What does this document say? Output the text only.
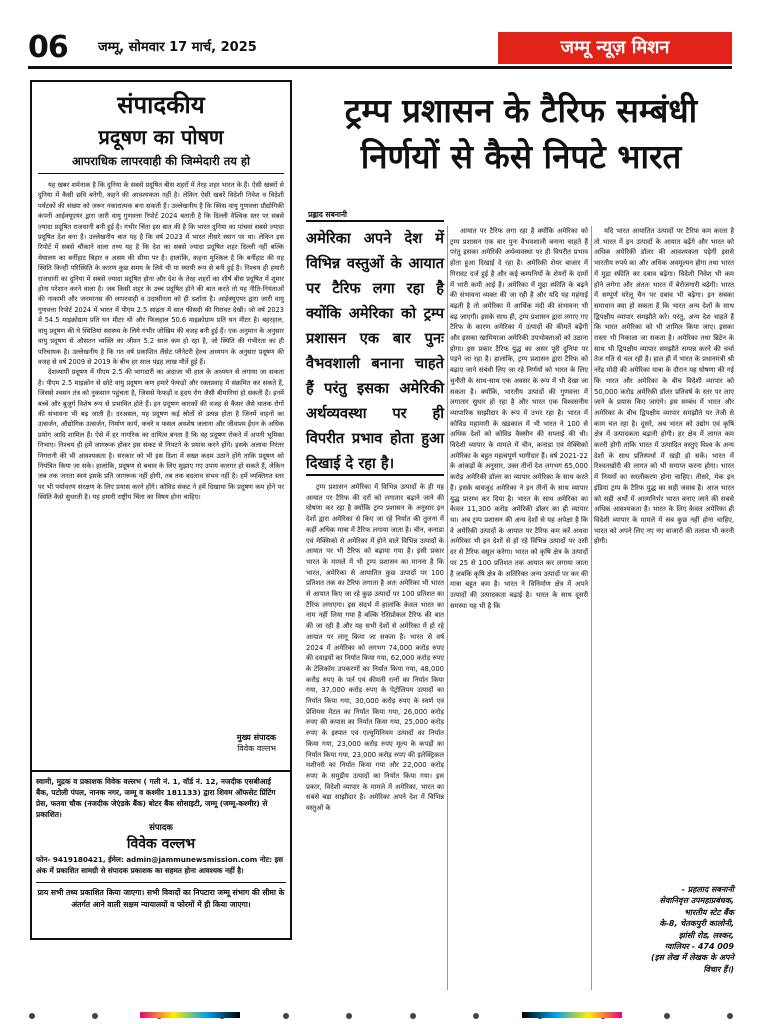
06 जम्मू, सोमवार 17 मार्च, 2025	जम्मू न्यूज़ मिशन
संपादकीय
प्रदूषण का पोषण
आपराधिक लापरवाही की जिम्मेदारी तय हो

यह खबर शर्मनाक है कि दुनिया के सबसे प्रदूषित बीस शहरों में तेरह शहर भारत के हैं। ऐसी खबरों से दुनिया में कैसी छवि बनेगी, कहने की आवश्यकता नहीं है। लेकिन ऐसी खबरें विदेशी निवेश व विदेशी पर्यटकों की संख्या को जरूर नकारात्मक बना सकती हैं। उल्लेखनीय है कि स्विस वायु गुणवत्ता प्रौद्योगिकी कंपनी आईक्यूएयर द्वारा जारी वायु गुणवत्ता रिपोर्ट 2024 बताती है कि दिल्ली वैश्विक स्तर पर सबसे ज्यादा प्रदूषित राजधानी बनी हुई है। गंभीर चिंता इस बात की है कि भारत दुनिया का पांचवां सबसे ज्यादा प्रदूषित देश बना है। उल्लेखनीय बात यह है कि वर्ष 2023 में भारत तीसरे स्थान पर था। लेकिन इस रिपोर्ट में सबसे चौंकाने वाला तथ्य यह है कि देश का सबसे ज्यादा प्रदूषित शहर दिल्ली नहीं बल्कि मेघालय का बर्नीहाट बिहार व असम की सीमा पर है। हालांकि, कहना मुश्किल है कि बर्नीहाट की यह स्थिति किन्हीं परिस्थिति के कारण कुछ समय के लिये थी या स्थायी रूप से बनी हुई है। निश्चय ही हमारी राजधानी का दुनिया में सबसे ज्यादा प्रदूषित होना और देश के तेरह शहरों का शीर्ष बीस प्रदूषित में शुमार होना परेशान करने वाला है। जब किसी शहर के उच्च प्रदूषित होने की बात करते तो यह नीति-नियंताओं की नाकामी और जनमानस की लापरवाही व उदासीनता को ही दर्शाता है। आईक्यूएयर द्वारा जारी वायु गुणवत्ता रिपोर्ट 2024 में भारत में पीएम 2.5 सांद्रता में सात फीसदी की गिरावट देखी। जो वर्ष 2023 में 54.5 माइक्रोग्राम प्रति घन मीटर थी और फिलहाल 50.6 माइक्रोग्राम प्रति घन मीटर है। बहरहाल, वायु प्रदूषण की ये स्थितियां स्वास्थ्य के लिये गंभीर जोखिम की वजह बनी हुई हैं। एक अनुमान के अनुसार वायु प्रदूषण से औसतन व्यक्ति का जीवन 5.2 साल कम हो रहा है, जो स्थिति की गंभीरता का ही परिचायक है। उल्लेखनीय है कि गत वर्ष प्रकाशित लैंसेट प्लैनेटरी हेल्थ अध्ययन के अनुसार प्रदूषण की वजह से वर्ष 2009 से 2019 के बीच हर साल पंद्रह लाख मौतें हुई हैं।

देशव्यापी प्रदूषण में पीएम 2.5 की भागदारी का अंदाजा भी हाल के अध्ययन से लगाया जा सकता है। पीएम 2.5 माइक्रोन से छोटे वायु प्रदूषण कण हमारे फेफड़ों और रक्तप्रवाह में संक्रमित कर सकते हैं, जिससे श्वसन तंत्र को नुकसान पहुंचता है, जिससे फेफड़ों व हृदय रोग जैसी बीमारियां हो सकती हैं। इनमें बच्चे और बुजुर्ग विशेष रूप से प्रभावित होते हैं। इन प्रदूषण कारकों की वजह से कैंसर जैसे घातक रोगों की संभावना भी बढ़ जाती है। दरअसल, यह प्रदूषण कई स्रोतों से उत्पन्न होता है जिनमें वाहनों का उत्सर्जन, औद्योगिक उत्सर्जन, निर्माण कार्य, कचरे व फसल अवशेष जलाना और जीवाश्म ईंधन के अधिक प्रयोग आदि शामिल हैं। ऐसे में हर नागरिक का दायित्व बनता है कि वह प्रदूषण रोकने में अपनी भूमिका निभाए। निश्चय ही हमें जागरूक होकर इस संकट से निपटने के प्रयास करने होंगे। इसके अलावा निरंतर निगरानी की भी आवश्यकता है। सरकार को भी इस दिशा में सख्त कदम उठाने होंगे ताकि प्रदूषण को नियंत्रित किया जा सके। हालांकि, प्रदूषण से बचाव के लिए सुझाए गए उपाय कारगर हो सकते हैं, लेकिन जब तक जनता स्वयं इसके प्रति जागरूक नहीं होगी, तब तक बदलाव संभव नहीं है। हमें व्यक्तिगत स्तर पर भी पर्यावरण संरक्षण के लिए प्रयास करने होंगे। कोविड संकट ने हमें दिखाया कि प्रदूषण कम होने पर स्थिति कैसे सुधरती है। यह हमारी राष्ट्रीय चिंता का विषय होना चाहिए।

मुख्य संपादक
विवेक वल्लभ
स्वामी, मुद्रक व प्रकाशक विवेक वल्लभ ( गली नं. 1, वॉर्ड नं. 12, नजदीक एसबीआई बैंक, पटोली पंपल, नानक नगर, जम्मू व कश्मीर 181133) द्वारा शिवम ऑफसेट प्रिंटिंग प्रेस, फतवा चौक (नजदीक जेएंडके बैंक) बोटर बैंक सोसाइटी, जम्मू (जम्मू-कश्मीर) से प्रकाशित।
संपादक
विवेक वल्लभ
फोन- 9419180421, ईमेल: admin@jammunewsmission.com नोट: इस अंक में प्रकाशित सामग्री से संपादक प्रकाशक का सहमत होना आवश्यक नहीं है।
प्राय सभी तथ्य प्रकाशित किया जाएगा। सभी विवादों का निपटारा जम्मू संभाग की सीमा के अंतर्गत आने वाली सक्षम न्यायालयों व फोरमों में ही किया जाएगा।
ट्रम्प प्रशासन के टैरिफ सम्बंधी निर्णयों से कैसे निपटे भारत
प्रह्लाद सबनानी
अमेरिका अपने देश में विभिन्न वस्तुओं के आयात पर टैरिफ लगा रहा है क्योंकि अमेरिका को ट्रम्प प्रशासन एक बार पुनः वैभवशाली बनाना चाहते हैं परंतु इसका अमेरिकी अर्थव्यवस्था पर ही विपरीत प्रभाव होता हुआ दिखाई दे रहा है।

ट्रम्प प्रशासन अमेरिका में विभिन्न उत्पादों के ही यह आयात पर टैरिफ की दरों को लगातार बढ़ाने जाने की घोषणा कर रहा है क्योंकि ट्रम्प प्रशासन के अनुसार इन देशों द्वारा अमेरिका से किए जा रहे निर्यात की तुलना में कहीं अधिक मात्रा में टैरिफ लगाया जाता है। चीन, कनाडा एवं मेक्सिको से अमेरिका में होने वाले विभिन्न उत्पादों के आयात पर भी टैरिफ को बढ़ाया गया है। इसी प्रकार भारत के मामले में भी ट्रम्प प्रशासन का मानना है कि भारत, अमेरिका से आयातित कुछ उत्पादों पर 100 प्रतिशत तक का टैरिफ लगाता है अतः अमेरिका भी भारत से आयात किए जा रहे कुछ उत्पादों पर 100 प्रतिशत का टैरिफ लगाएगा। इस संदर्भ में हालांकि केवल भारत का नाम नहीं लिया गया है बल्कि रेसिप्रोकल टैरिफ की बात की जा रही है और यह सभी देशों से अमेरिका में हो रहे आयात पर लागू किया जा सकता है। भारत से वर्ष 2024 में अमेरिका को लगभग 74,000 करोड़ रुपए की दवाइयों का निर्यात किया गया, 62,000 करोड़ रुपए के टेलिकॉम उपकरणों का निर्यात किया गया, 48,000 करोड़ रुपए के पर्ल एवं कीमती रत्नों का निर्यात किया गया, 37,000 करोड़ रुपए के पेट्रोलियम उत्पादों का निर्यात किया गया, 30,000 करोड़ रुपए के स्वर्ण एवं प्रेशियस मेटल का निर्यात किया गया, 26,000 करोड़ रुपए की कपास का निर्यात किया गया, 25,000 करोड़ रुपए के इस्पात एवं एल्यूमिनियम उत्पादों का निर्यात किया गया, 23,000 करोड़ रुपए मूल्य के कपड़ों का निर्यात किया गया, 23,000 करोड़ रुपए की इलेक्ट्रिकल मशीनरी का निर्यात किया गया और 22,000 करोड़ रुपए के समुद्रीय उत्पादों का निर्यात किया गया। इस प्रकार, विदेशी व्यापार के मामले में अमेरिका, भारत का सबसे बड़ा साझीदार है। अमेरिका अपने देश में विभिन्न वस्तुओं के

आयात पर टैरिफ लगा रहा है क्योंकि अमेरिका को ट्रम्प प्रशासन एक बार पुनः वैभवशाली बनाना चाहते हैं परंतु इसका अमेरिकी अर्थव्यवस्था पर ही विपरीत प्रभाव होता हुआ दिखाई दे रहा है। अमेरिकी शेयर बाजार में गिरावट दर्ज हुई है और कई कम्पनियों के शेयरों के दामों में भारी कमी आई है। अमेरिका में मुद्रा स्फीति के बढ़ने की संभावना व्यक्त की जा रही है और यदि यह महंगाई बढ़ती है तो अमेरिका में आर्थिक मंदी की संभावना भी बढ़ जाएगी। इसके साथ ही, ट्रम्प प्रशासन द्वारा लगाए गए टैरिफ के कारण अमेरिका में उत्पादों की कीमतें बढ़ेंगी और इसका खामियाजा अमेरिकी उपभोक्ताओं को उठाना होगा। इस प्रकार टैरिफ युद्ध का असर पूरी दुनिया पर पड़ने जा रहा है। हालांकि, ट्रम्प प्रशासन द्वारा टैरिफ को बढ़ाए जाने संबंधी लिए जा रहे निर्णयों को भारत के लिए चुनौती के साथ-साथ एक अवसर के रूप में भी देखा जा सकता है। क्योंकि, भारतीय उत्पादों की गुणवत्ता में लगातार सुधार हो रहा है और भारत एक विश्वसनीय व्यापारिक साझीदार के रूप में उभर रहा है। भारत में कोविड महामारी के खंडकाल में भी भारत ने 100 से अधिक देशों को कोविड वैक्सीन की सप्लाई की थी। विदेशी व्यापार के मामले में चीन, कनाडा एवं मेक्सिको अमेरिका के बहुत महत्वपूर्ण भागीदार हैं। वर्ष 2021-22 के आंकड़ों के अनुसार, उक्त तीनों देश लगभग 65,000 करोड़ अमेरिकी डॉलर का व्यापार अमेरिका के साथ करते हैं। इसके बावजूद अमेरिका ने इन तीनों के साथ व्यापार युद्ध प्रारम्भ कर दिया है। भारत के साथ अमेरिका का केवल 11,300 करोड़ अमेरिकी डॉलर का ही व्यापार था। अब ट्रम्प प्रशासन की अन्य देशों से यह अपेक्षा है कि वे अमेरिकी उत्पादों के आयात पर टैरिफ कम करें अथवा अमेरिका भी इन देशों से हो रहे विभिन्न उत्पादों पर उसी दर से टैरिफ वसूल करेगा। भारत को कृषि क्षेत्र के उत्पादों पर 25 से 100 प्रतिशत तक आयात कर लगाया जाता है जबकि कृषि क्षेत्र के अतिरिक्त अन्य उत्पादों पर कर की मात्रा बहुत कम है। भारत ने विनिर्माण क्षेत्र में अपने उत्पादों की उत्पादकता बढ़ाई है। भारत के साथ दूसरी समस्या यह भी है कि

यदि भारत आयातित उत्पादों पर टैरिफ कम करता है तो भारत में इन उत्पादों के आयात बढ़ेंगे और भारत को अधिक अमेरिकी डॉलर की आवश्यकता पड़ेगी इससे भारतीय रुपये का और अधिक अवमूल्यन होगा तथा भारत में मुद्रा स्फीति का दबाव बढ़ेगा। विदेशी निवेश भी कम होने लगेगा और अंततः भारत में बेरोजगारी बढ़ेगी। भारत में सम्पूर्ण घरेलू चैन पर दबाव भी बढ़ेगा। इन सबका समाधान क्या हो सकता है कि भारत अन्य देशों के साथ द्विपक्षीय व्यापार समझौते करे। परंतु, अन्य देश चाहते हैं कि भारत अमेरिका को भी शामिल किया जाए। इसका रास्ता भी निकाला जा सकता है। अमेरिका तथा ब्रिटेन के साथ भी द्विपक्षीय व्यापार समझौते सम्पन्न करने की चर्चा तेज गति से चल रही है। हाल ही में भारत के प्रधानमंत्री श्री नरेंद्र मोदी की अमेरिका यात्रा के दौरान यह घोषणा की गई कि भारत और अमेरिका के बीच विदेशी व्यापार को 50,000 करोड़ अमेरिकी डॉलर प्रतिवर्ष के स्तर पर लाए जाने के प्रयास किए जाएंगे। इस सम्बंध में भारत और अमेरिका के बीच द्विपक्षीय व्यापार समझौते पर तेजी से काम चल रहा है। दूसरे, अब भारत को उद्योग एवं कृषि क्षेत्र में उत्पादकता बढ़ानी होगी। हर क्षेत्र में लागत कम करनी होगी ताकि भारत में उत्पादित वस्तुएं विश्व के अन्य देशों के साथ प्रतिस्पर्धा में खड़ी हो सकें। भारत में रिश्वतखोरी की लागत को भी समाप्त करना होगा। भारत में नियमों का सरलीकरण होना चाहिए। तीसरे, मेक इन इंडिया ट्रम्प के टैरिफ युद्ध का सही जवाब है। आज भारत को सही अर्थों में आत्मनिर्भर भारत बनाए जाने की सबसे अधिक आवश्यकता है। भारत के लिए केवल अमेरिका ही विदेशी व्यापार के मामले में सब कुछ नहीं होना चाहिए, भारत को अपने लिए नए नए बाजारों की तलाश भी करनी होगी।

- प्रहलाद सबनानी
सेवानिवृत्त उपमहाप्रबंधक,
भारतीय स्टेट बैंक
के-8, चेतकपुरी कालोनी,
झांसी रोड, लश्कर,
ग्वालियर - 474 009
(इस लेख में लेखक के अपने
विचार हैं।)
